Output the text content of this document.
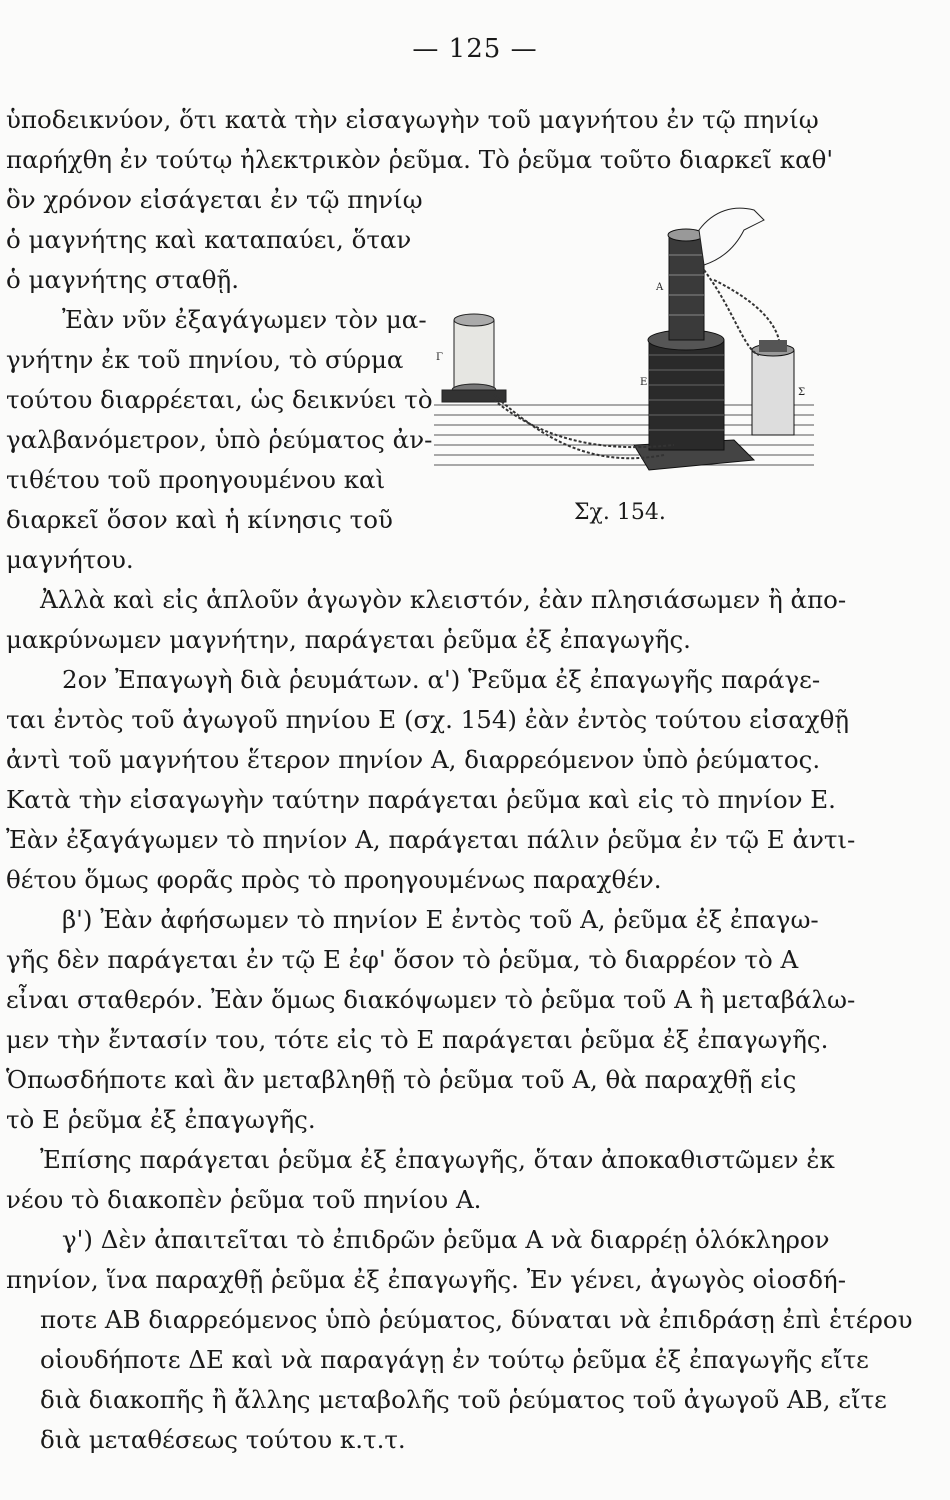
— 125 —
ὑποδεικνύον, ὅτι κατὰ τὴν εἰσαγωγὴν τοῦ μαγνήτου ἐν τῷ πηνίῳ
παρήχθη ἐν τούτῳ ἠλεκτρικὸν ῥεῦμα. Τὸ ῥεῦμα τοῦτο διαρκεῖ καθ'
ὃν χρόνον εἰσάγεται ἐν τῷ πηνίῳ
ὁ μαγνήτης καὶ καταπαύει, ὅταν
ὁ μαγνήτης σταθῇ.
Ἐὰν νῦν ἐξαγάγωμεν τὸν μα-
γνήτην ἐκ τοῦ πηνίου, τὸ σύρμα
τούτου διαρρέεται, ὡς δεικνύει τὸ
γαλβανόμετρον, ὑπὸ ῥεύματος ἀν-
τιθέτου τοῦ προηγουμένου καὶ
διαρκεῖ ὅσον καὶ ἡ κίνησις τοῦ
μαγνήτου.
Α
Ε
Σ
Γ
Σχ. 154.
Ἀλλὰ καὶ εἰς ἁπλοῦν ἀγωγὸν κλειστόν, ἐὰν πλησιάσωμεν ἢ ἀπο-
μακρύνωμεν μαγνήτην, παράγεται ῥεῦμα ἐξ ἐπαγωγῆς.
2ον Ἐπαγωγὴ διὰ ῥευμάτων. α') Ῥεῦμα ἐξ ἐπαγωγῆς παράγε-
ται ἐντὸς τοῦ ἀγωγοῦ πηνίου Ε (σχ. 154) ἐὰν ἐντὸς τούτου εἰσαχθῇ
ἀντὶ τοῦ μαγνήτου ἕτερον πηνίον Α, διαρρεόμενον ὑπὸ ῥεύματος.
Κατὰ τὴν εἰσαγωγὴν ταύτην παράγεται ῥεῦμα καὶ εἰς τὸ πηνίον Ε.
Ἐὰν ἐξαγάγωμεν τὸ πηνίον Α, παράγεται πάλιν ῥεῦμα ἐν τῷ Ε ἀντι-
θέτου ὅμως φορᾶς πρὸς τὸ προηγουμένως παραχθέν.
β') Ἐὰν ἀφήσωμεν τὸ πηνίον Ε ἐντὸς τοῦ Α, ῥεῦμα ἐξ ἐπαγω-
γῆς δὲν παράγεται ἐν τῷ Ε ἐφ' ὅσον τὸ ῥεῦμα, τὸ διαρρέον τὸ Α
εἶναι σταθερόν. Ἐὰν ὅμως διακόψωμεν τὸ ῥεῦμα τοῦ Α ἢ μεταβάλω-
μεν τὴν ἔντασίν του, τότε εἰς τὸ Ε παράγεται ῥεῦμα ἐξ ἐπαγωγῆς.
Ὁπωσδήποτε καὶ ἂν μεταβληθῇ τὸ ῥεῦμα τοῦ Α, θὰ παραχθῇ εἰς
τὸ Ε ῥεῦμα ἐξ ἐπαγωγῆς.
Ἐπίσης παράγεται ῥεῦμα ἐξ ἐπαγωγῆς, ὅταν ἀποκαθιστῶμεν ἐκ
νέου τὸ διακοπὲν ῥεῦμα τοῦ πηνίου Α.
γ') Δὲν ἀπαιτεῖται τὸ ἐπιδρῶν ῥεῦμα Α νὰ διαρρέῃ ὁλόκληρον
πηνίον, ἵνα παραχθῇ ῥεῦμα ἐξ ἐπαγωγῆς. Ἐν γένει, ἀγωγὸς οἱοσδή-
ποτε ΑΒ διαρρεόμενος ὑπὸ ῥεύματος, δύναται νὰ ἐπιδράσῃ ἐπὶ ἑτέρου
οἱουδήποτε ΔΕ καὶ νὰ παραγάγῃ ἐν τούτῳ ῥεῦμα ἐξ ἐπαγωγῆς εἴτε
διὰ διακοπῆς ἢ ἄλλης μεταβολῆς τοῦ ῥεύματος τοῦ ἀγωγοῦ ΑΒ, εἴτε
διὰ μεταθέσεως τούτου κ.τ.τ.
